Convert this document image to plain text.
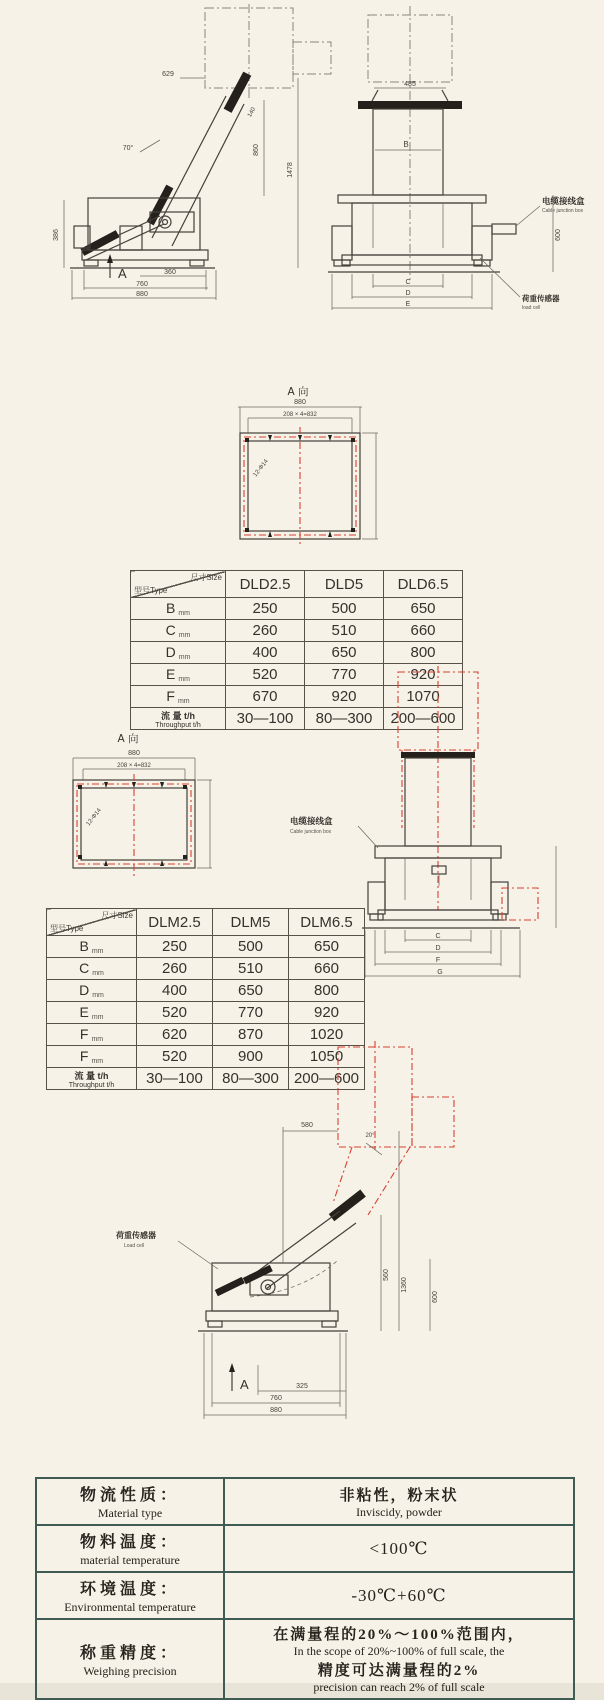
629
70°
140
860
1478
386
360
760
880
A
485
B
电缆接线盒
Cable junction box
600
荷重传感器
load cell
C
D
E
A 向
880
208 × 4=832
12-Φ14
尺寸Size
型号Type	DLD2.5	DLD5	DLD6.5
B mm	250	500	650
C mm	260	510	660
D mm	400	650	800
E mm	520	770	920
F mm	670	920	1070

流 量 t/h
Throughput t/h	30—100	80—300	200—600
A 向
880
208 × 4=832
12-Φ14	电缆接线盒
Cable junction box
C
D
F
G
尺寸Size
型号Type	DLM2.5	DLM5	DLM6.5
B mm	250	500	650
C mm	260	510	660
D mm	400	650	800
E mm	520	770	920
F mm	620	870	1020
F mm	520	900	1050

流 量 t/h
Throughput t/h	30—100	80—300	200—600
荷重传感器
Load cell
580
20°
560
1360
600
325
760
880
A
物流性质：
Material type

非粘性，粉末状
Inviscidy, powder

物料温度：
material temperature	<100℃

环境温度：
Environmental temperature	-30℃+60℃

称重精度：
Weighing precision

在满量程的20%～100%范围内，
In the scope of 20%~100% of full scale, the
精度可达满量程的2%
precision can reach 2% of full scale
